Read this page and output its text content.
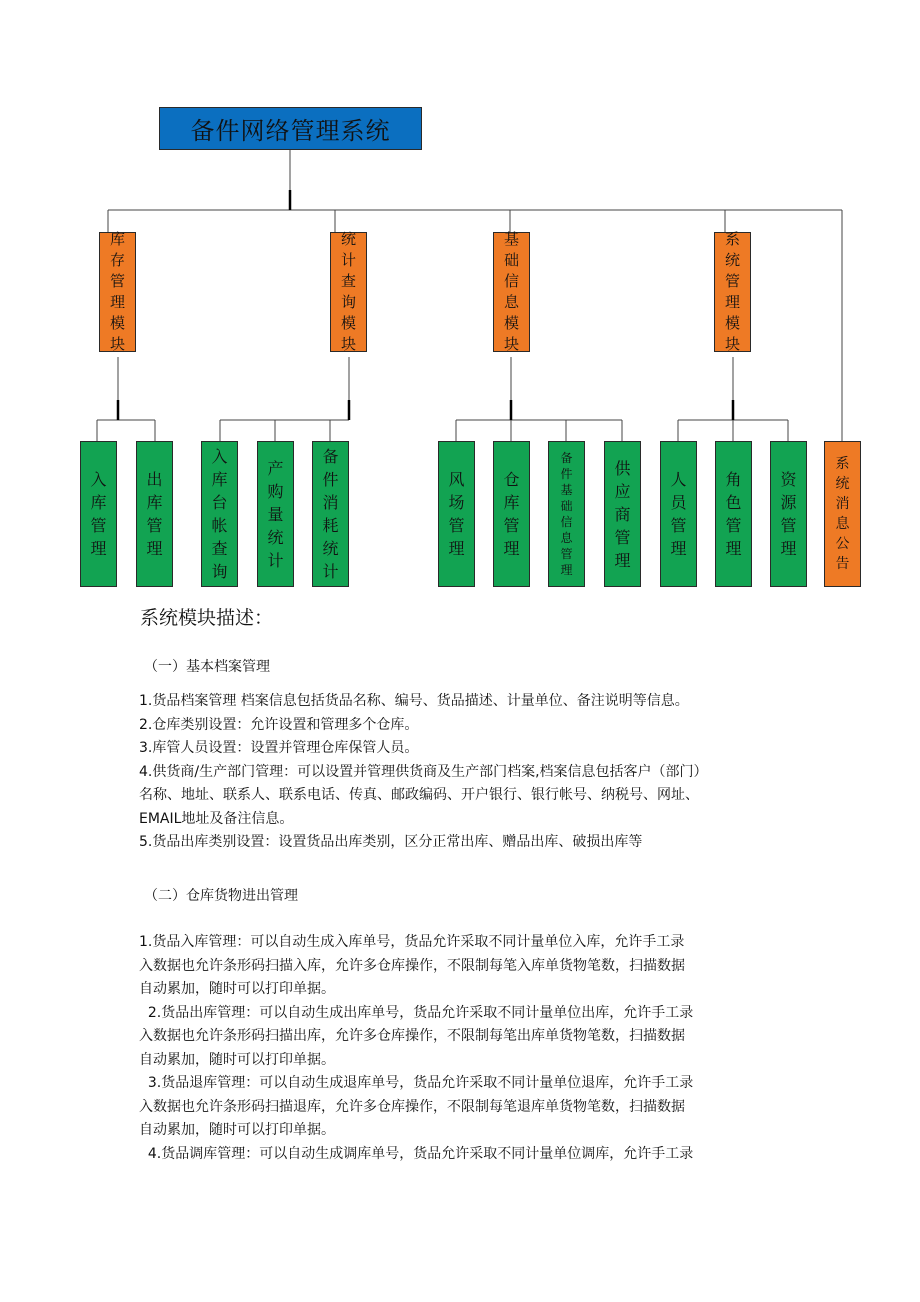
备件网络管理系统
库存管理模块
统计查询模块
基础信息模块
系统管理模块
入库管理
出库管理
入库台帐查询
产购量统计
备件消耗统计
风场管理
仓库管理
备件基础信息管理
供应商管理
人员管理
角色管理
资源管理
系统消息公告
系统模块描述：
（一）基本档案管理
1.货品档案管理 档案信息包括货品名称、编号、货品描述、计量单位、备注说明等信息。
2.仓库类别设置：允许设置和管理多个仓库。
3.库管人员设置：设置并管理仓库保管人员。
4.供货商/生产部门管理：可以设置并管理供货商及生产部门档案,档案信息包括客户（部门）
名称、地址、联系人、联系电话、传真、邮政编码、开户银行、银行帐号、纳税号、网址、
EMAIL地址及备注信息。
5.货品出库类别设置：设置货品出库类别，区分正常出库、赠品出库、破损出库等
（二）仓库货物进出管理
1.货品入库管理：可以自动生成入库单号，货品允许采取不同计量单位入库，允许手工录
入数据也允许条形码扫描入库，允许多仓库操作，不限制每笔入库单货物笔数，扫描数据
自动累加，随时可以打印单据。
2.货品出库管理：可以自动生成出库单号，货品允许采取不同计量单位出库，允许手工录
入数据也允许条形码扫描出库，允许多仓库操作，不限制每笔出库单货物笔数，扫描数据
自动累加，随时可以打印单据。
3.货品退库管理：可以自动生成退库单号，货品允许采取不同计量单位退库，允许手工录
入数据也允许条形码扫描退库，允许多仓库操作，不限制每笔退库单货物笔数，扫描数据
自动累加，随时可以打印单据。
4.货品调库管理：可以自动生成调库单号，货品允许采取不同计量单位调库，允许手工录
